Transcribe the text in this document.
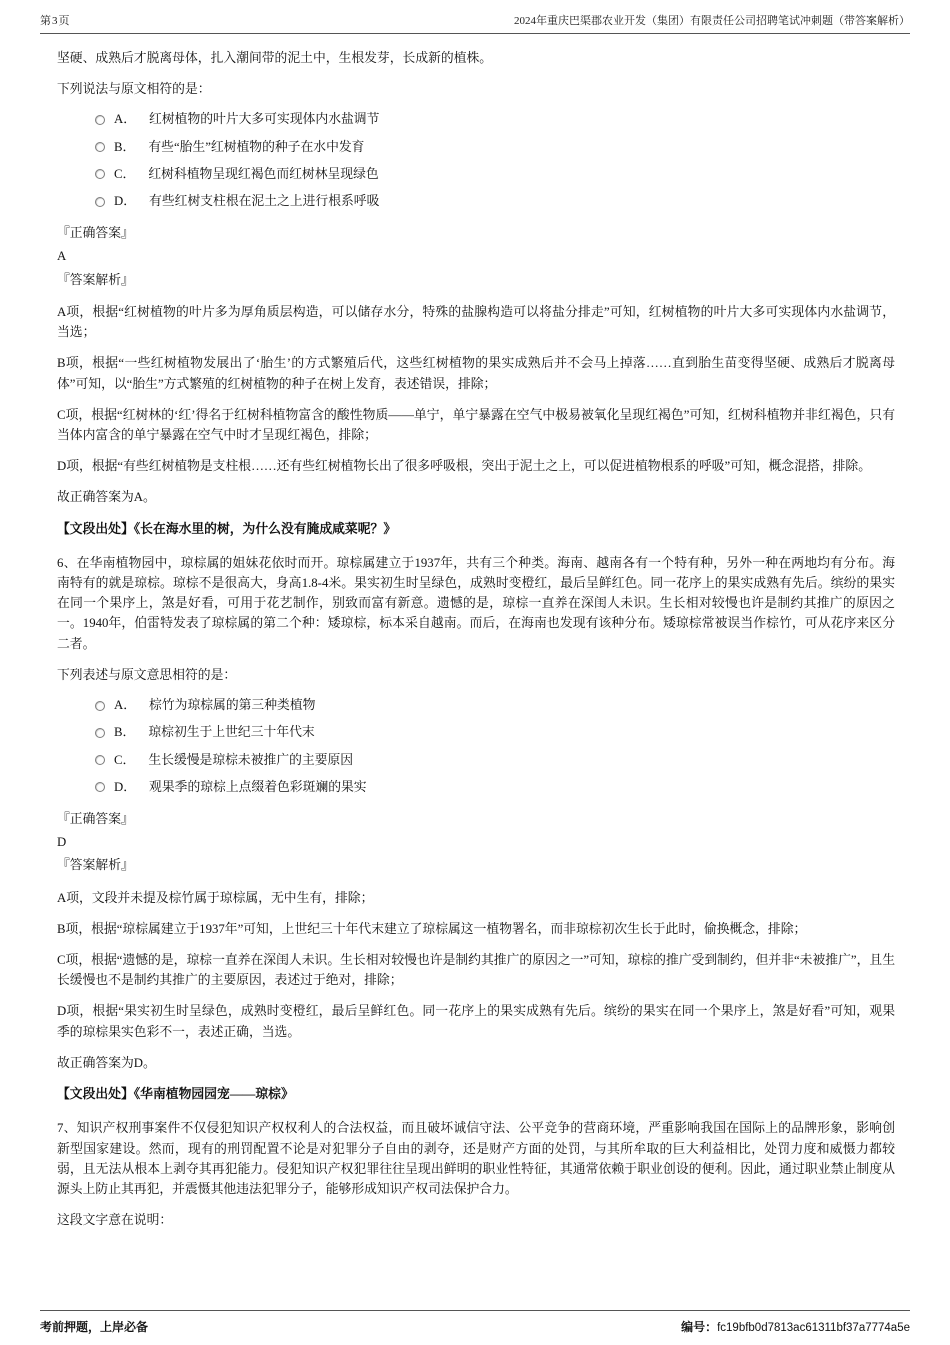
第3页	2024年重庆巴渠郡农业开发（集团）有限责任公司招聘笔试冲刺题（带答案解析）

坚硬、成熟后才脱离母体，扎入潮间带的泥土中，生根发芽，长成新的植株。

下列说法与原文相符的是：

A． 红树植物的叶片大多可实现体内水盐调节
B． 有些“胎生”红树植物的种子在水中发育
C． 红树科植物呈现红褐色而红树林呈现绿色
D． 有些红树支柱根在泥土之上进行根系呼吸

『正确答案』

A

『答案解析』

A项，根据“红树植物的叶片多为厚角质层构造，可以储存水分，特殊的盐腺构造可以将盐分排走”可知，红树植物的叶片大多可实现体内水盐调节，当选；

B项，根据“一些红树植物发展出了‘胎生’的方式繁殖后代，这些红树植物的果实成熟后并不会马上掉落……直到胎生苗变得坚硬、成熟后才脱离母体”可知，以“胎生”方式繁殖的红树植物的种子在树上发育，表述错误，排除；

C项，根据“红树林的‘红’得名于红树科植物富含的酸性物质——单宁，单宁暴露在空气中极易被氧化呈现红褐色”可知，红树科植物并非红褐色，只有当体内富含的单宁暴露在空气中时才呈现红褐色，排除；

D项，根据“有些红树植物是支柱根……还有些红树植物长出了很多呼吸根，突出于泥土之上，可以促进植物根系的呼吸”可知，概念混搭，排除。

故正确答案为A。

【文段出处】《长在海水里的树，为什么没有腌成咸菜呢？》

6、在华南植物园中，琼棕属的姐妹花依时而开。琼棕属建立于1937年，共有三个种类。海南、越南各有一个特有种，另外一种在两地均有分布。海南特有的就是琼棕。琼棕不是很高大，身高1.8-4米。果实初生时呈绿色，成熟时变橙红，最后呈鲜红色。同一花序上的果实成熟有先后。缤纷的果实在同一个果序上，煞是好看，可用于花艺制作，别致而富有新意。遗憾的是，琼棕一直养在深闺人未识。生长相对较慢也许是制约其推广的原因之一。1940年，伯雷特发表了琼棕属的第二个种：矮琼棕，标本采自越南。而后，在海南也发现有该种分布。矮琼棕常被误当作棕竹，可从花序来区分二者。

下列表述与原文意思相符的是：

A． 棕竹为琼棕属的第三种类植物
B． 琼棕初生于上世纪三十年代末
C． 生长缓慢是琼棕未被推广的主要原因
D． 观果季的琼棕上点缀着色彩斑斓的果实

『正确答案』

D

『答案解析』

A项，文段并未提及棕竹属于琼棕属，无中生有，排除；

B项，根据“琼棕属建立于1937年”可知，上世纪三十年代末建立了琼棕属这一植物署名，而非琼棕初次生长于此时，偷换概念，排除；

C项，根据“遗憾的是，琼棕一直养在深闺人未识。生长相对较慢也许是制约其推广的原因之一”可知，琼棕的推广受到制约，但并非“未被推广”，且生长缓慢也不是制约其推广的主要原因，表述过于绝对，排除；

D项，根据“果实初生时呈绿色，成熟时变橙红，最后呈鲜红色。同一花序上的果实成熟有先后。缤纷的果实在同一个果序上，煞是好看”可知，观果季的琼棕果实色彩不一，表述正确，当选。

故正确答案为D。

【文段出处】《华南植物园园宠——琼棕》

7、知识产权刑事案件不仅侵犯知识产权权利人的合法权益，而且破坏诚信守法、公平竞争的营商环境，严重影响我国在国际上的品牌形象，影响创新型国家建设。然而，现有的刑罚配置不论是对犯罪分子自由的剥夺，还是财产方面的处罚，与其所牟取的巨大利益相比，处罚力度和威慑力都较弱，且无法从根本上剥夺其再犯能力。侵犯知识产权犯罪往往呈现出鲜明的职业性特征，其通常依赖于职业创设的便利。因此，通过职业禁止制度从源头上防止其再犯，并震慑其他违法犯罪分子，能够形成知识产权司法保护合力。

这段文字意在说明：

考前押题，上岸必备	编号：fc19bfb0d7813ac61311bf37a7774a5e
